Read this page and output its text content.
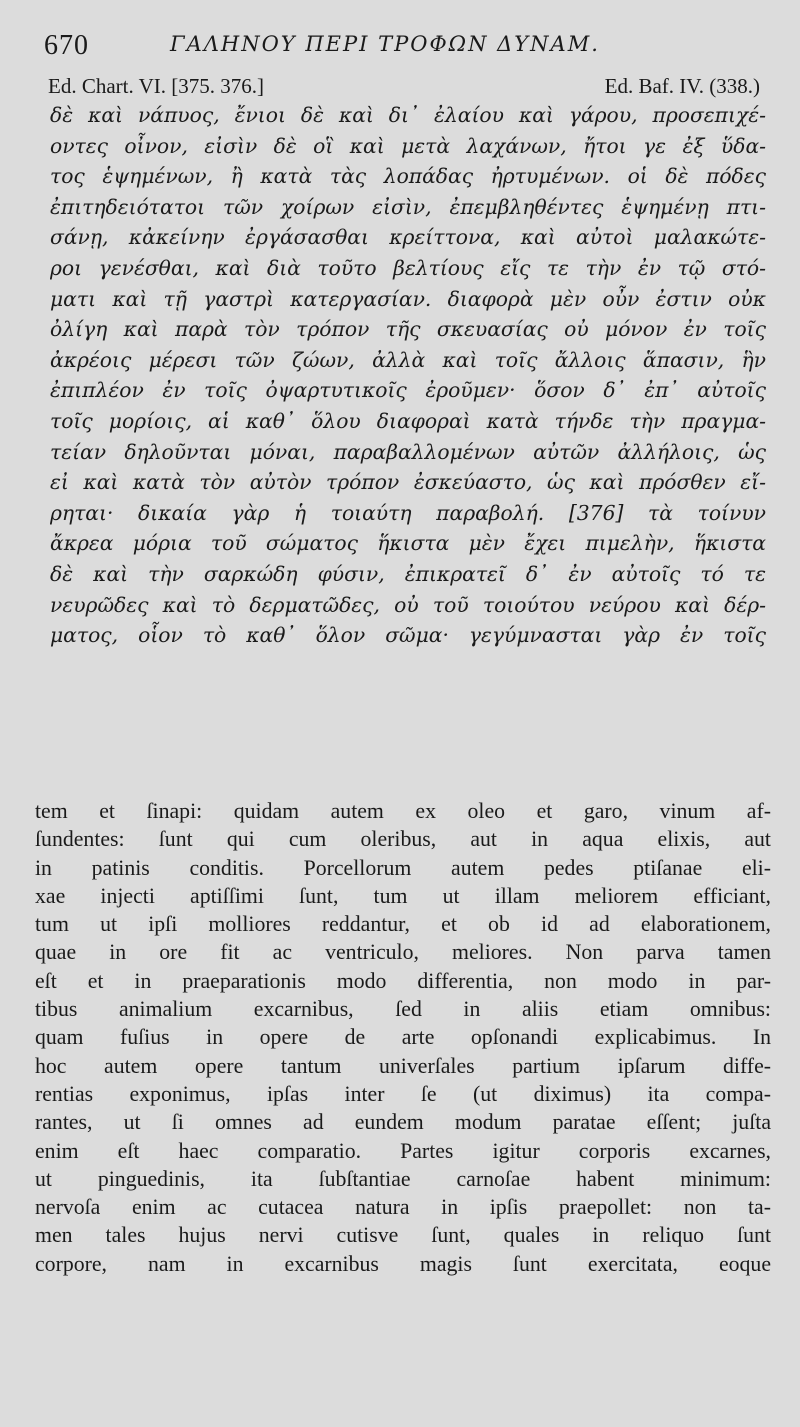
670	ΓΑΛΗΝΟΥ ΠΕΡΙ ΤΡΟΦΩΝ ΔΥΝΑΜ.
Ed. Chart. VI. [375. 376.]	Ed. Baf. IV. (338.)
δὲ καὶ νάπυος, ἔνιοι δὲ καὶ δι᾽ ἐλαίου καὶ γάρου, προσεπιχέ-
οντες οἶνον, εἰσὶν δὲ οἳ καὶ μετὰ λαχάνων, ἤτοι γε ἐξ ὕδα-
τος ἑψημένων, ἢ κατὰ τὰς λοπάδας ἠρτυμένων. οἱ δὲ πόδες
ἐπιτηδειότατοι τῶν χοίρων εἰσὶν, ἐπεμβληθέντες ἑψημένῃ πτι-
σάνῃ, κἀκείνην ἐργάσασθαι κρείττονα, καὶ αὐτοὶ μαλακώτε-
ροι γενέσθαι, καὶ διὰ τοῦτο βελτίους εἴς τε τὴν ἐν τῷ στό-
ματι καὶ τῇ γαστρὶ κατεργασίαν. διαφορὰ μὲν οὖν ἐστιν οὐκ
ὀλίγη καὶ παρὰ τὸν τρόπον τῆς σκευασίας οὐ μόνον ἐν τοῖς
ἀκρέοις μέρεσι τῶν ζώων, ἀλλὰ καὶ τοῖς ἄλλοις ἅπασιν, ἣν
ἐπιπλέον ἐν τοῖς ὀψαρτυτικοῖς ἐροῦμεν· ὅσον δ᾽ ἐπ᾽ αὐτοῖς
τοῖς μορίοις, αἱ καθ᾽ ὅλου διαφοραὶ κατὰ τήνδε τὴν πραγμα-
τείαν δηλοῦνται μόναι, παραβαλλομένων αὐτῶν ἀλλήλοις, ὡς
εἰ καὶ κατὰ τὸν αὐτὸν τρόπον ἐσκεύαστο, ὡς καὶ πρόσθεν εἴ-
ρηται· δικαία γὰρ ἡ τοιαύτη παραβολή. [376] τὰ τοίνυν
ἄκρεα μόρια τοῦ σώματος ἥκιστα μὲν ἔχει πιμελὴν, ἥκιστα
δὲ καὶ τὴν σαρκώδη φύσιν, ἐπικρατεῖ δ᾽ ἐν αὐτοῖς τό τε
νευρῶδες καὶ τὸ δερματῶδες, οὐ τοῦ τοιούτου νεύρου καὶ δέρ-
ματος, οἷον τὸ καθ᾽ ὅλον σῶμα· γεγύμνασται γὰρ ἐν τοῖς
tem et ſinapi: quidam autem ex oleo et garo, vinum af-
ſundentes: ſunt qui cum oleribus, aut in aqua elixis, aut
in patinis conditis. Porcellorum autem pedes ptiſanae eli-
xae injecti aptiſſimi ſunt, tum ut illam meliorem efficiant,
tum ut ipſi molliores reddantur, et ob id ad elaborationem,
quae in ore fit ac ventriculo, meliores. Non parva tamen
eſt et in praeparationis modo differentia, non modo in par-
tibus animalium excarnibus, ſed in aliis etiam omnibus:
quam fuſius in opere de arte opſonandi explicabimus. In
hoc autem opere tantum univerſales partium ipſarum diffe-
rentias exponimus, ipſas inter ſe (ut diximus) ita compa-
rantes, ut ſi omnes ad eundem modum paratae eſſent; juſta
enim eſt haec comparatio. Partes igitur corporis excarnes,
ut pinguedinis, ita ſubſtantiae carnoſae habent minimum:
nervoſa enim ac cutacea natura in ipſis praepollet: non ta-
men tales hujus nervi cutisve ſunt, quales in reliquo ſunt
corpore, nam in excarnibus magis ſunt exercitata, eoque
